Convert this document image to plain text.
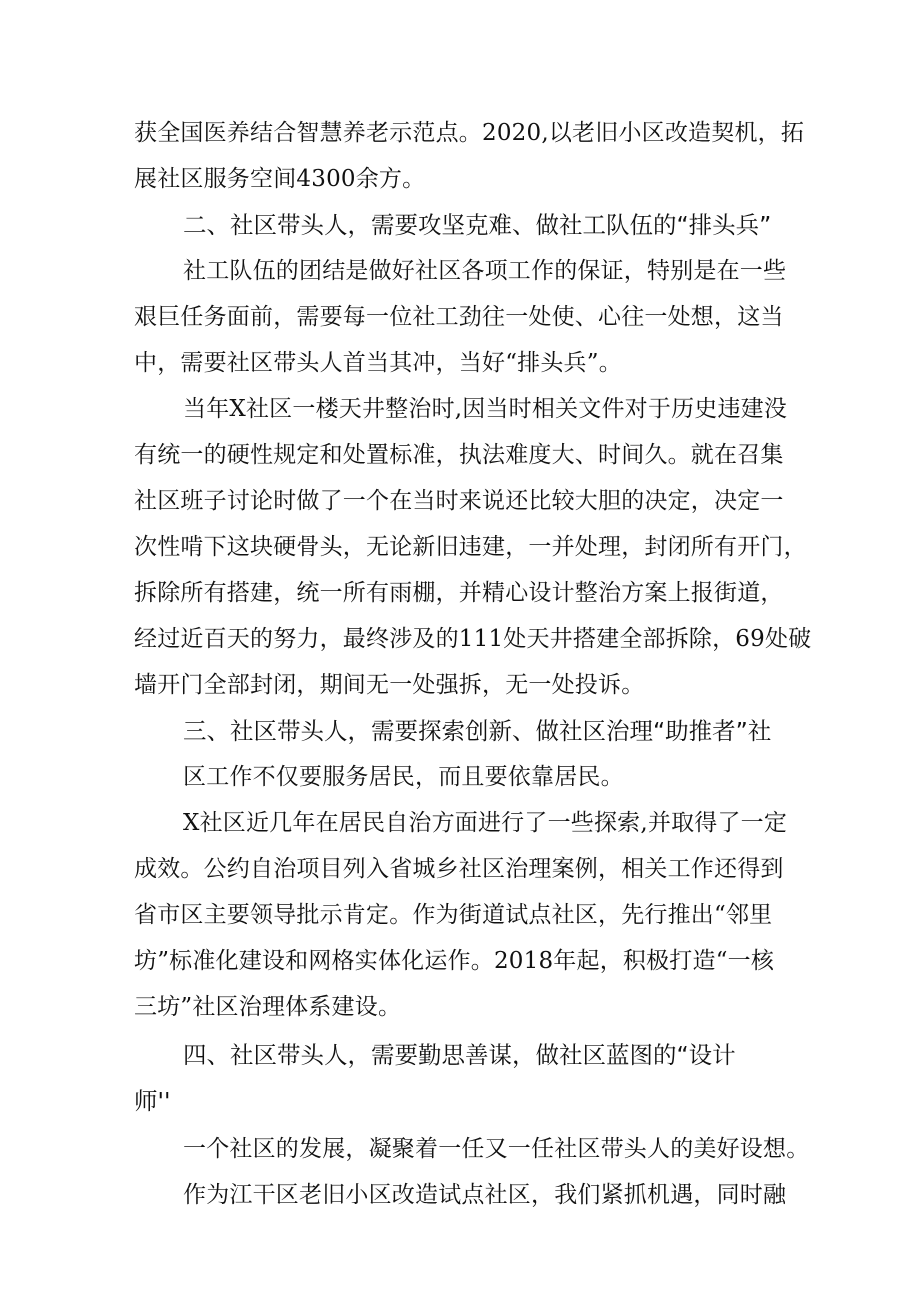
获全国医养结合智慧养老示范点。2020,以老旧小区改造契机，拓
展社区服务空间4300余方。
二、社区带头人，需要攻坚克难、做社工队伍的“排头兵”
社工队伍的团结是做好社区各项工作的保证，特别是在一些
艰巨任务面前，需要每一位社工劲往一处使、心往一处想，这当
中，需要社区带头人首当其冲，当好“排头兵”。
当年X社区一楼天井整治时,因当时相关文件对于历史违建没
有统一的硬性规定和处置标准，执法难度大、时间久。就在召集
社区班子讨论时做了一个在当时来说还比较大胆的决定，决定一
次性啃下这块硬骨头，无论新旧违建，一并处理，封闭所有开门，
拆除所有搭建，统一所有雨棚，并精心设计整治方案上报街道，
经过近百天的努力，最终涉及的111处天井搭建全部拆除，69处破
墙开门全部封闭，期间无一处强拆，无一处投诉。
三、社区带头人，需要探索创新、做社区治理“助推者”社
区工作不仅要服务居民，而且要依靠居民。
X社区近几年在居民自治方面进行了一些探索,并取得了一定
成效。公约自治项目列入省城乡社区治理案例，相关工作还得到
省市区主要领导批示肯定。作为街道试点社区，先行推出“邻里
坊”标准化建设和网格实体化运作。2018年起，积极打造“一核
三坊”社区治理体系建设。
四、社区带头人，需要勤思善谋，做社区蓝图的“设计
师''
一个社区的发展，凝聚着一任又一任社区带头人的美好设想。
作为江干区老旧小区改造试点社区，我们紧抓机遇，同时融
